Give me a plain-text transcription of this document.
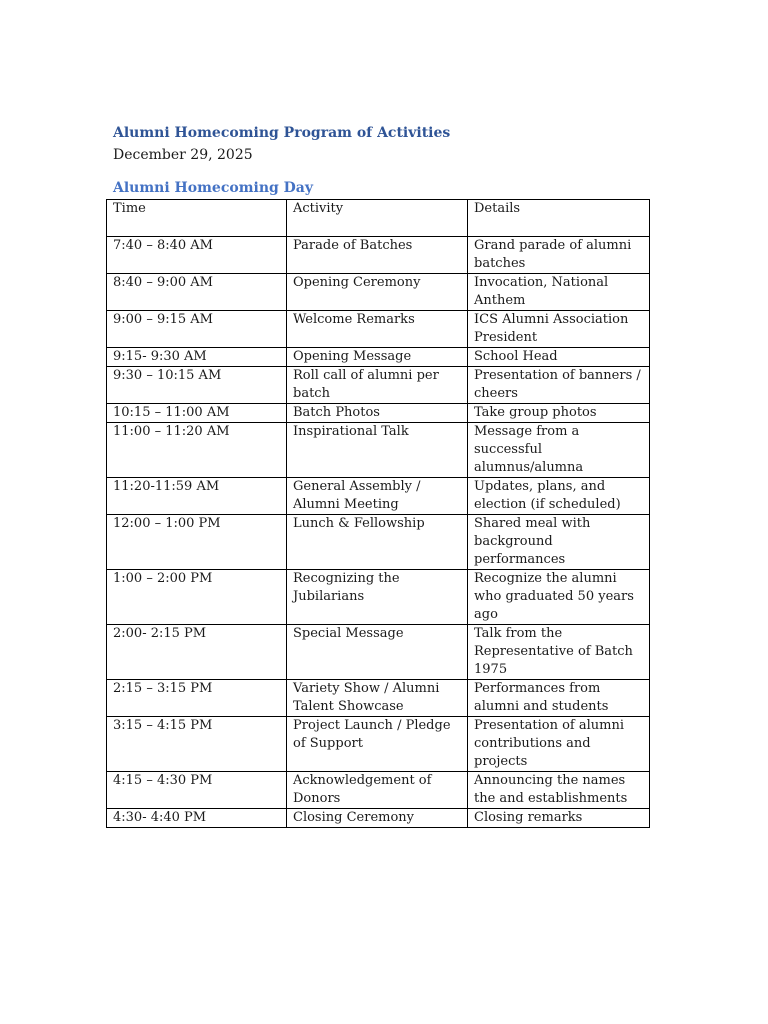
Alumni Homecoming Program of Activities
December 29, 2025
Alumni Homecoming Day
Time	Activity	Details
7:40 – 8:40 AM	Parade of Batches	Grand parade of alumni batches
8:40 – 9:00 AM	Opening Ceremony	Invocation, National Anthem
9:00 – 9:15 AM	Welcome Remarks	ICS Alumni Association President
9:15- 9:30 AM	Opening Message	School Head
9:30 – 10:15 AM	Roll call of alumni per batch	Presentation of banners / cheers
10:15 – 11:00 AM	Batch Photos	Take group photos
11:00 – 11:20 AM	Inspirational Talk	Message from a successful alumnus/alumna
11:20-11:59 AM	General Assembly / Alumni Meeting	Updates, plans, and election (if scheduled)
12:00 – 1:00 PM	Lunch & Fellowship	Shared meal with background performances
1:00 – 2:00 PM	Recognizing the Jubilarians	Recognize the alumni who graduated 50 years ago
2:00- 2:15 PM	Special Message	Talk from the Representative of Batch 1975
2:15 – 3:15 PM	Variety Show / Alumni Talent Showcase	Performances from alumni and students
3:15 – 4:15 PM	Project Launch / Pledge of Support	Presentation of alumni contributions and projects
4:15 – 4:30 PM	Acknowledgement of Donors	Announcing the names the and establishments
4:30- 4:40 PM	Closing Ceremony	Closing remarks
